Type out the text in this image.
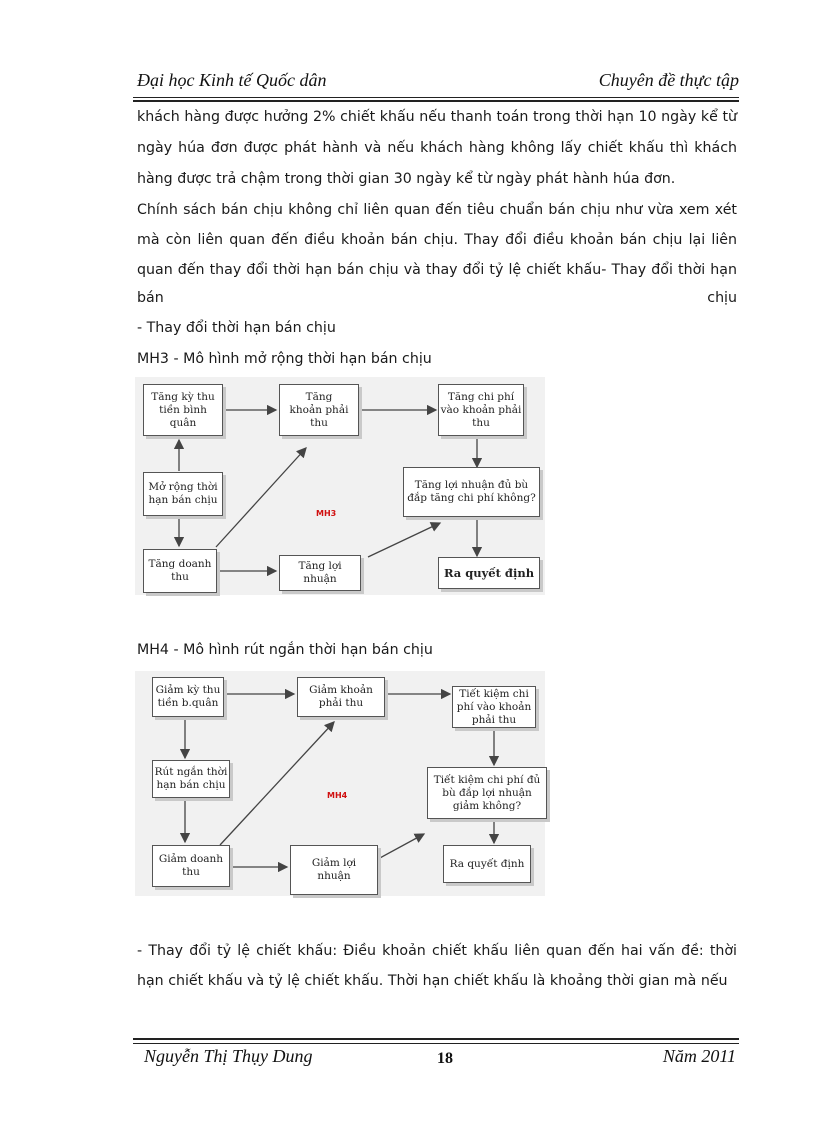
Đại học Kinh tế Quốc dân	Chuyên đề thực tập
khách hàng được hưởng 2% chiết khấu nếu thanh toán trong thời hạn 10 ngày kể từ
ngày húa đơn được phát hành và nếu khách hàng không lấy chiết khấu thì khách
hàng được trả chậm trong thời gian 30 ngày kể từ ngày phát hành húa đơn.
Chính sách bán chịu không chỉ liên quan đến tiêu chuẩn bán chịu như vừa xem xét
mà còn liên quan đến điều khoản bán chịu. Thay đổi điều khoản bán chịu lại liên
quan đến thay đổi thời hạn bán chịu và thay đổi tỷ lệ chiết khấu- Thay đổi thời hạn
bán	chịu
- Thay đổi thời hạn bán chịu
MH3 - Mô hình mở rộng thời hạn bán chịu
Tăng kỳ thu
tiền bình
quân
Tăng
khoản phải
thu
Tăng chi phí
vào khoản phải
thu
Mở rộng thời
hạn bán chịu
Tăng lợi nhuận đủ bù
đắp tăng chi phí không?
Tăng doanh
thu
Tăng lợi
nhuận	Ra quyết định
MH3
MH4 - Mô hình rút ngắn thời hạn bán chịu
Giảm kỳ thu
tiền b.quân
Giảm khoản
phải thu
Tiết kiệm chi
phí vào khoản
phải thu
Rút ngắn thời
hạn bán chịu	Tiết kiệm chi phí đủ
bù đắp lợi nhuận
giảm không?
Giảm doanh
thu
Giảm lợi
nhuận
Ra quyết định
MH4
- Thay đổi tỷ lệ chiết khấu: Điều khoản chiết khấu liên quan đến hai vấn đề: thời
hạn chiết khấu và tỷ lệ chiết khấu. Thời hạn chiết khấu là khoảng thời gian mà nếu
Nguyễn Thị Thụy Dung	18	Năm 2011
